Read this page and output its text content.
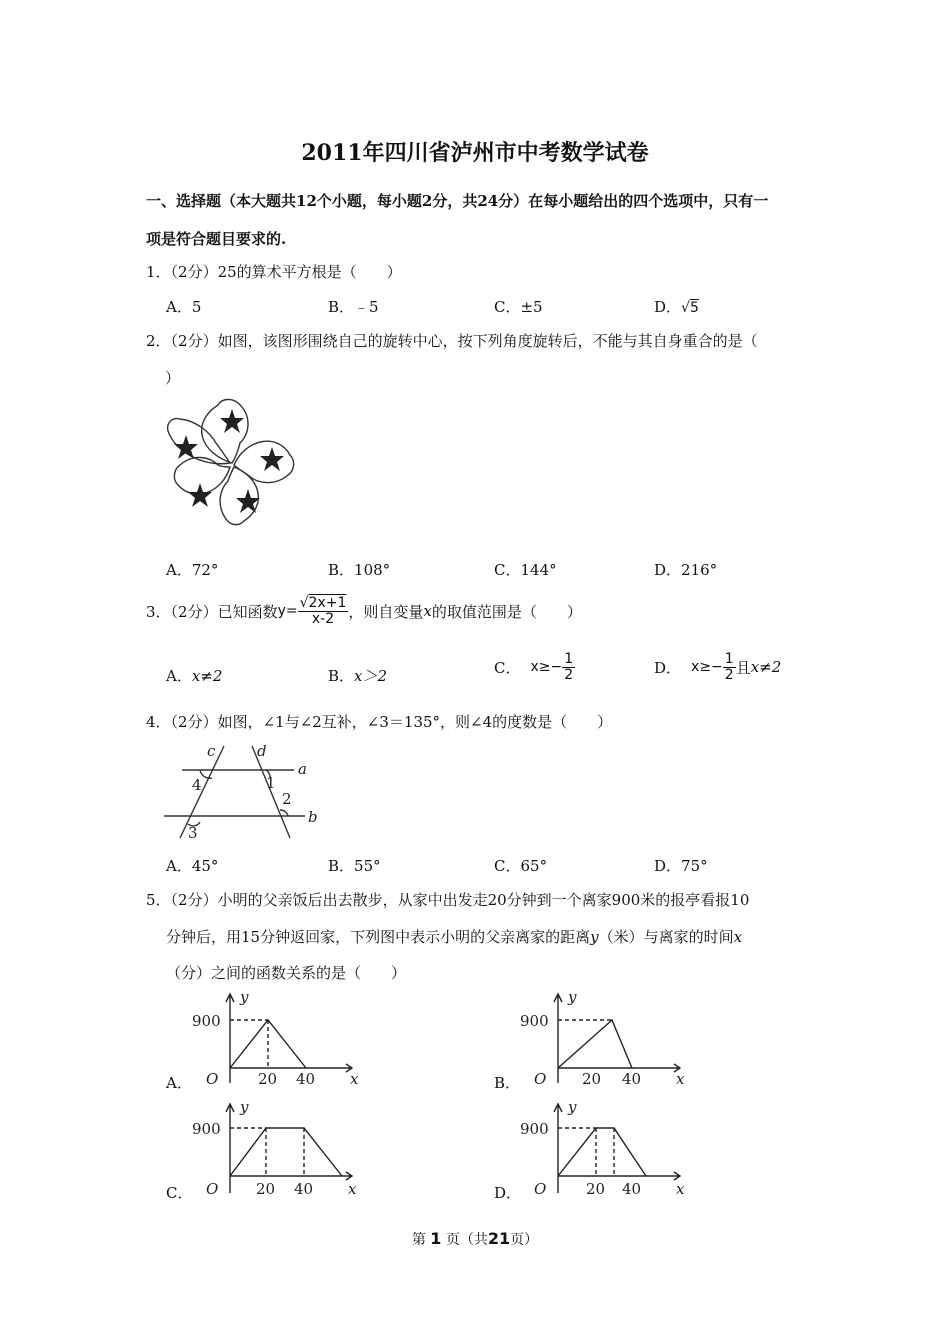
2011年四川省泸州市中考数学试卷
一、选择题（本大题共12个小题，每小题2分，共24分）在每小题给出的四个选项中，只有一
项是符合题目要求的.
1．（2分）25的算术平方根是（　　）
A．5	B．﹣5	C．±5	D．√5
2．（2分）如图，该图形围绕自己的旋转中心，按下列角度旋转后，不能与其自身重合的是（
）
A．72°	B．108°	C．144°	D．216°
3．（2分）已知函数 $y= \frac{√2x+1}{x-2}$ ，则自变量 x 的取值范围是（　　）
A．x≠2	B．x＞2	C． $x\ge- \frac{1}{2}$	D． $x\ge- \frac{1}{2}$ 且 x≠2
4．（2分）如图，∠1与∠2互补，∠3＝135°，则∠4的度数是（　　）
c	d
a
b
1
2
3
4
A．45°	B．55°	C．65°	D．75°
5．（2分）小明的父亲饭后出去散步，从家中出发走20分钟到一个离家900米的报亭看报10
分钟后，用15分钟返回家，下列图中表示小明的父亲离家的距离y（米）与离家的时间x
（分）之间的函数关系的是（　　）
A．	B．
C．	D．
900
O	20 40 x
y
900
O 20 40 x
y
900
O	20 40 x
y
900
O	20 40 x
y
第 1 页（共21页）
